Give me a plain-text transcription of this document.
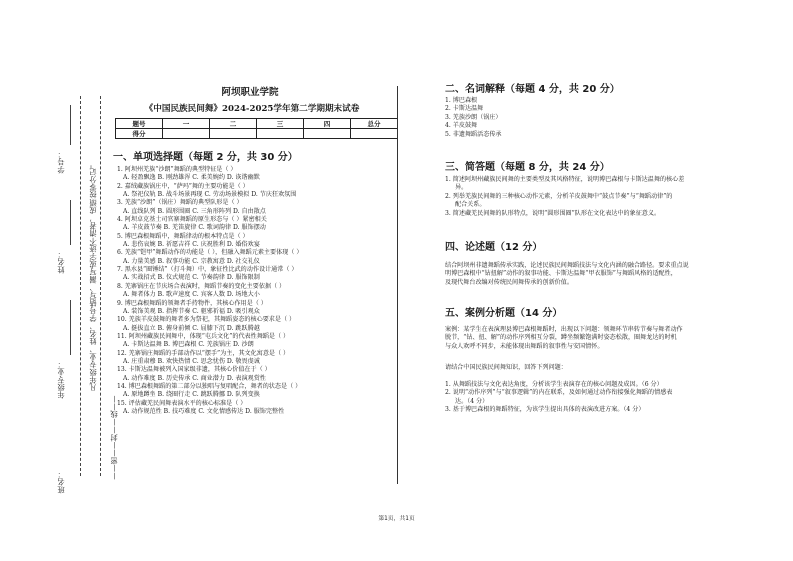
学号：
姓名：
年级专业：	凡年级专业、姓名、学号错写、漏写或字迹不清者，成绩按零分记。
——密——封——线——
班名：
阿坝职业学院
《中国民族民间舞》2024-2025学年第二学期期末试卷
题号	一	二	三	四	总分
得分					
一、单项选择题（每题 2 分，共 30 分）
1. 阿坝州羌族“沙朗”舞蹈的典型特征是（ ）
A. 轻盈飘逸 B. 刚劲雄浑 C. 柔美婉约 D. 诙谐幽默
2. 嘉绒藏族锅庄中，“萨玛”舞的主要功能是（ ）
A. 祭祀仪轨 B. 战斗场景再现 C. 劳动场景模拟 D. 节庆狂欢氛围
3. 羌族“沙朗”（锅庄）舞蹈的典型队形是（ ）
A. 直线队列 B. 圆形围圈 C. 三角形阵列 D. 自由散点
4. 阿坝卓克基土司官寨舞蹈的原生形态与（ ）紧密相关
A. 羊皮鼓节奏 B. 羌笛旋律 C. 歌词韵律 D. 服饰摆动
5. 博巴森根舞蹈中，舞蹈律动的根本特点是（ ）
A. 悲伤哀婉 B. 祈愿吉祥 C. 庆祝胜利 D. 婚俗欢宴
6. 羌族“铠甲”舞蹈动作的功能是（ ），但融入舞蹈元素主要体现（ ）
A. 力量美感 B. 叙事功能 C. 宗教寓意 D. 社交礼仪
7. 黑水县“圈锤结”（打斗舞）中，象征性比武的动作设计通常（ ）
A. 实战招式 B. 仪式规范 C. 节奏韵律 D. 服饰限制
8. 羌寨锅庄在节庆场合表演时，舞蹈节奏的变化主要依据（ ）
A. 舞者体力 B. 歌声速度 C. 宾客人数 D. 场地大小
9. 博巴森根舞蹈的领舞者手持物件，其核心作用是（ ）
A. 装饰美观 B. 指挥节奏 C. 驱邪祈福 D. 吸引观众
10. 羌族羊皮鼓舞的舞者多为祭祀，其舞蹈姿态的核心要求是（ ）
A. 挺拔直立 B. 俯身前倾 C. 屈膝下沉 D. 跳跃腾越
11. 阿坝州藏族民间舞中，体现“屯兵文化”的代表性舞蹈是（ ）
A. 卡斯达温舞 B. 博巴森根 C. 羌族锅庄 D. 沙朗
12. 羌寨锅庄舞蹈的手部动作以“摆手”为主，其文化寓意是（ ）
A. 庄重肃穆 B. 欢快热情 C. 思念忧伤 D. 敬畏虔诚
13. 卡斯达温舞被列入国家级非遗，其核心价值在于（ ）
A. 动作难度 B. 历史传承 C. 商业潜力 D. 表演观赏性
14. 博巴森根舞蹈的第二部分以独唱与复唱配合，舞者的状态是（ ）
A. 原地蹲坐 B. 绕圈行走 C. 跳跃腾挪 D. 队列变换
15. 评估藏羌民间舞表演水平的核心标准是（ ）
A. 动作规范性 B. 技巧难度 C. 文化情感传达 D. 服饰完整性
二、名词解释（每题 4 分，共 20 分）
1. 博巴森根
2. 卡斯达温舞
3. 羌族沙朗（锅庄）
4. 羊皮鼓舞
5. 非遗舞蹈活态传承
三、简答题（每题 8 分，共 24 分）
1. 简述阿坝州藏族民间舞的主要类型及其风格特征，说明博巴森根与卡斯达温舞的核心差
异。
2. 列举羌族民间舞的三种核心动作元素，分析羊皮鼓舞中“鼓点节奏”与“舞蹈动律”的
配合关系。
3. 简述藏羌民间舞的队形特点，说明“圆形围圈”队形在文化表达中的象征意义。
四、论述题（12 分）
结合阿坝州非遗舞蹈传承实践，论述民族民间舞蹈技法与文化内涵的融合路径。要求重点说
明博巴森根中“钻扭解”动作的叙事功能、卡斯达温舞“甲衣服饰”与舞蹈风格的适配性，
及现代舞台改编对传统民间舞传承的创新价值。
五、案例分析题（14 分）
案例：某学生在表演理县博巴森根舞蹈时，出现以下问题：领舞环节串转节奏与舞者动作
脱节，“钻、扭、解”的动作序列相互分裂，蹲坐频繁饱满时姿态松散，圈舞龙达的时机
与众人欢呼不同步，未能体现出舞蹈的叙事性与安国情怀。
请结合中国民族民间舞知识，回答下列问题：
1. 从舞蹈技法与文化表达角度，分析该学生表演存在的核心问题及成因。（6 分）
2. 说明“动作序列”与“叙事逻辑”的内在联系，及如何通过动作衔接强化舞蹈的情感表
达。（4 分）
3. 基于博巴森根的舞蹈特征，为该学生提出具体的表演改进方案。（4 分）
第1页，共1页
